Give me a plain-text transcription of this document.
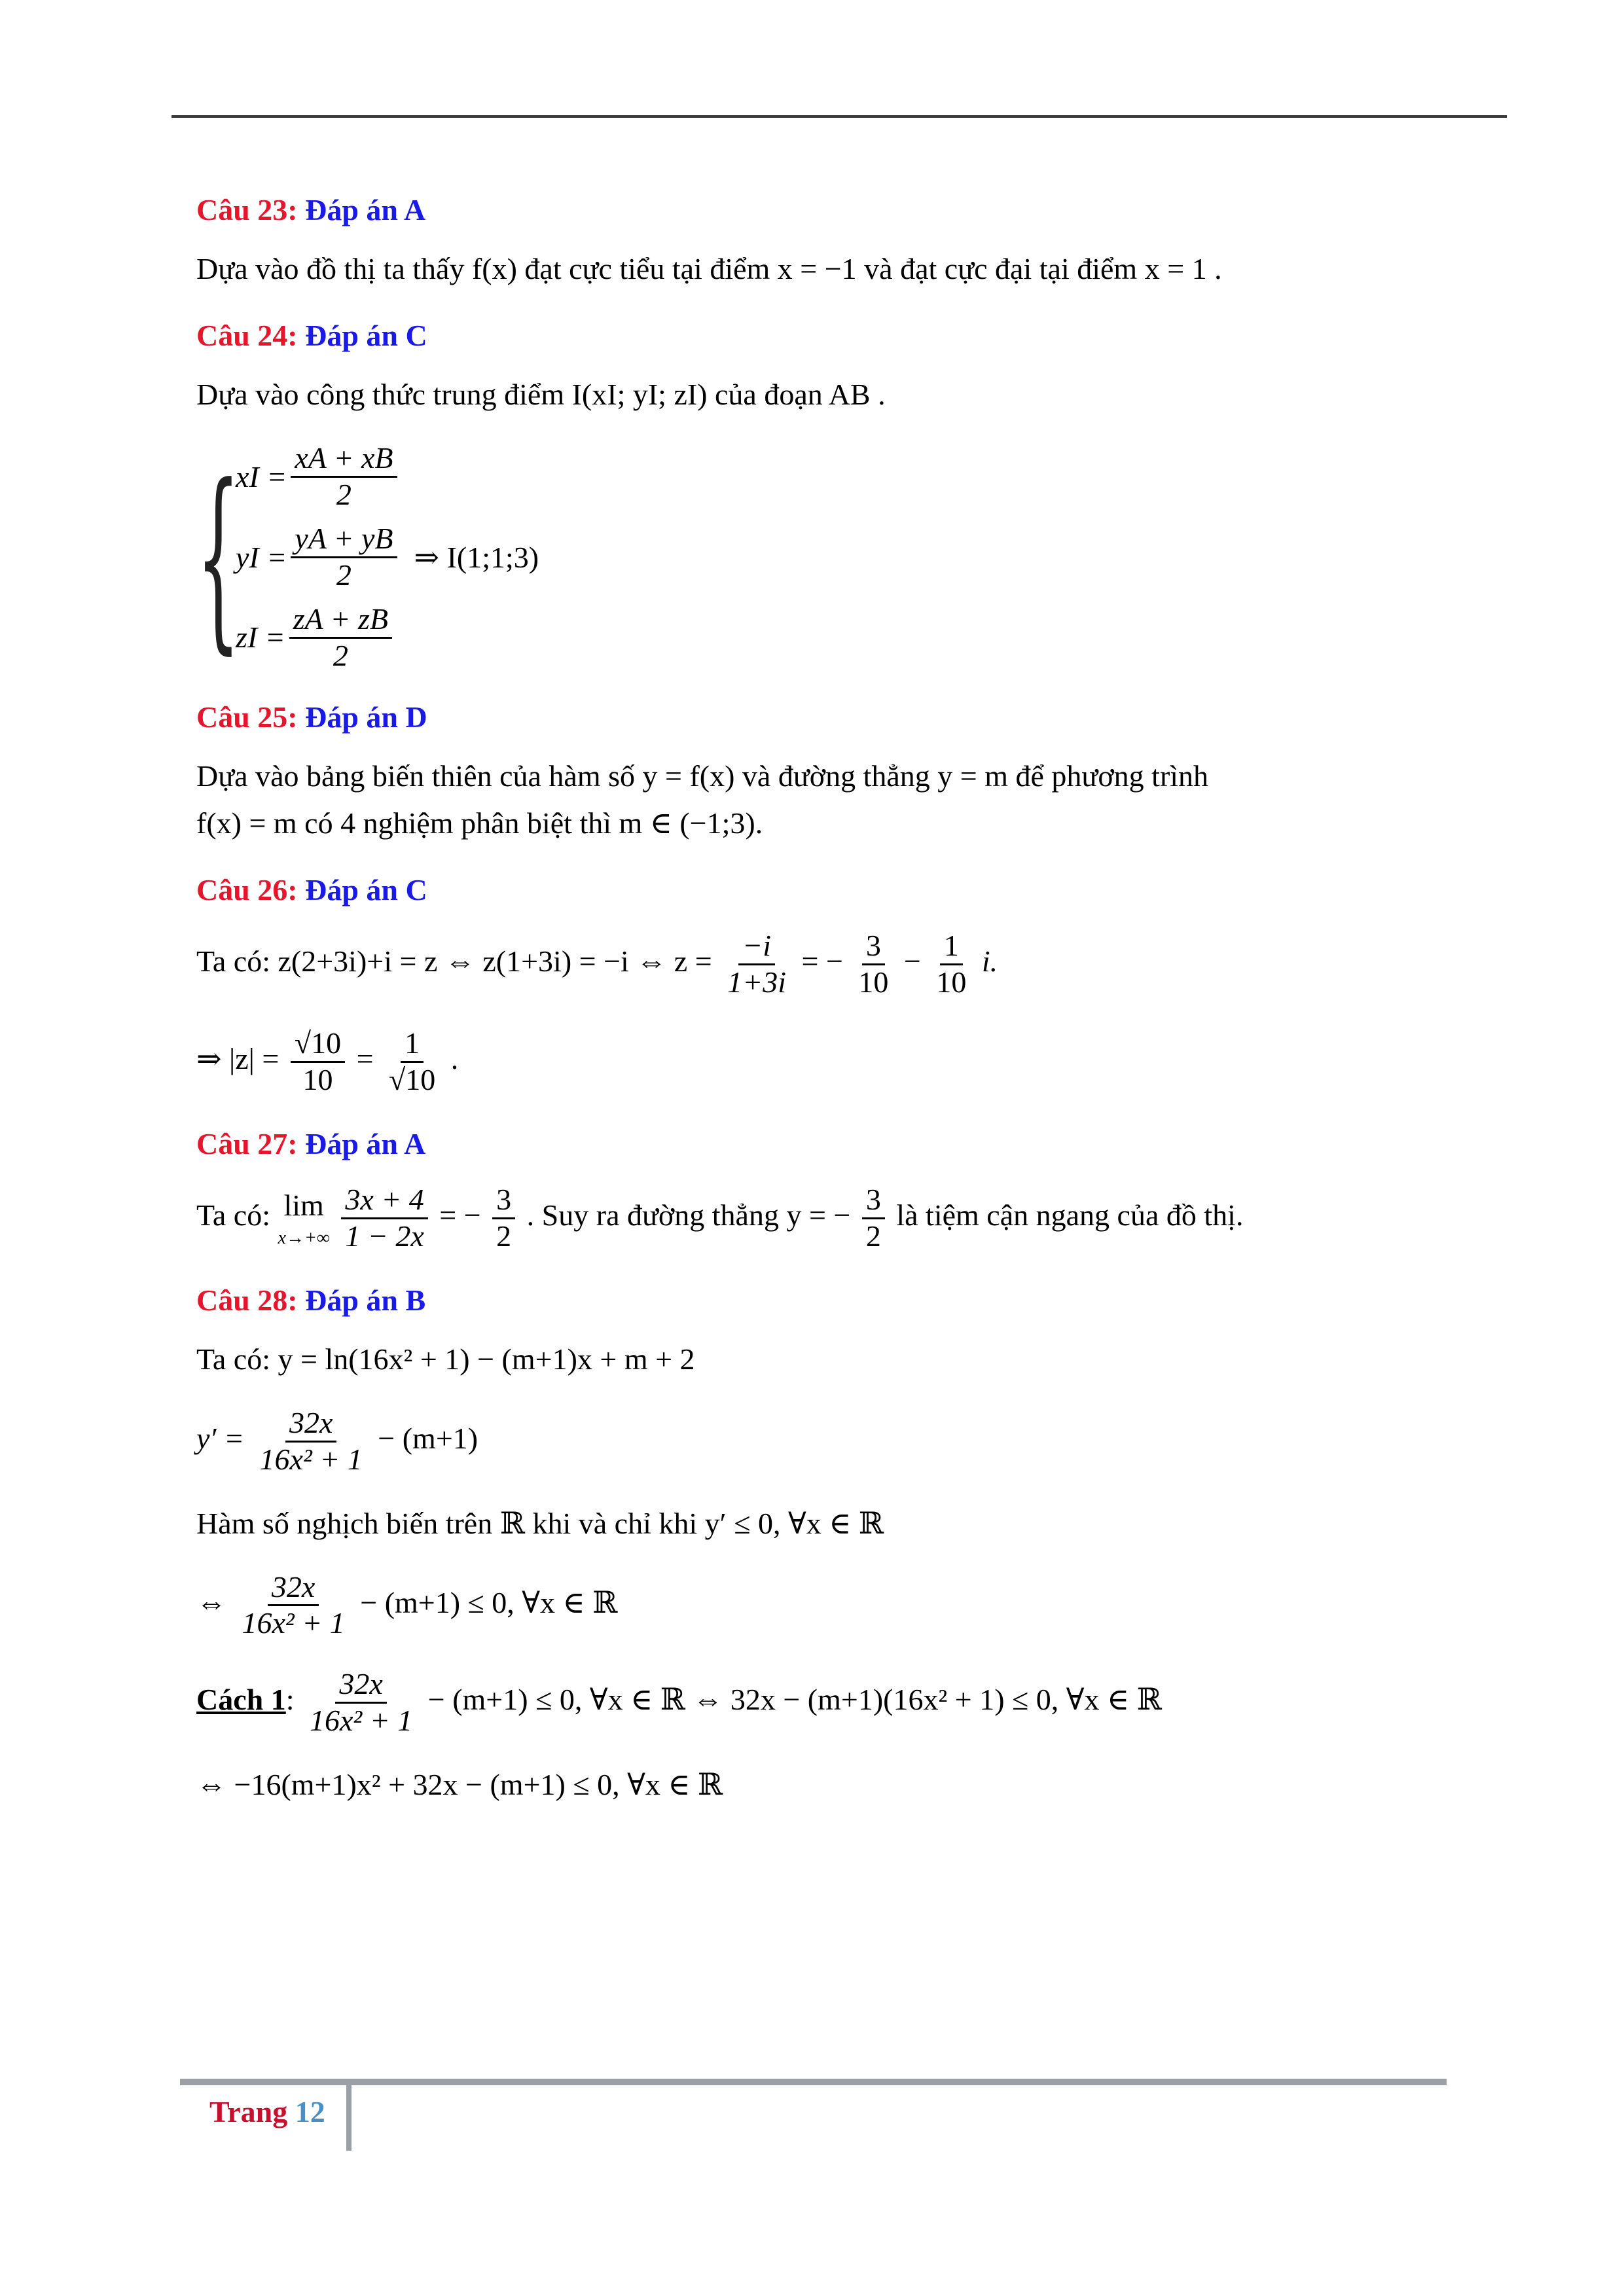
Câu 23: Đáp án A
Dựa vào đồ thị ta thấy f(x) đạt cực tiểu tại điểm x = −1 và đạt cực đại tại điểm x = 1 .
Câu 24: Đáp án C
Dựa vào công thức trung điểm I(xI; yI; zI) của đoạn AB .
{
xI = $\frac{xA + xB}{2}$
yI = $\frac{yA + yB}{2}$ ⇒ I(1;1;3)
zI = $\frac{zA + zB}{2}$
Câu 25: Đáp án D
Dựa vào bảng biến thiên của hàm số y = f(x) và đường thẳng y = m để phương trình
f(x) = m có 4 nghiệm phân biệt thì m ∈ (−1;3).
Câu 26: Đáp án C
Ta có: z(2+3i)+i = z ⇔ z(1+3i) = −i ⇔ $z = \frac{-i}{1+3i}$ = − $\frac{3}{10} - \frac{1}{10} i$.
⇒ $|z| = \frac{√10}{10} = \frac{1}{√10}$ .
Câu 27: Đáp án A
Ta có: lim
x→+∞
$\frac{3x + 4}{1 - 2x}$ = − $\frac{3}{2}$ . Suy ra đường thẳng y = − $\frac{3}{2}$ là tiệm cận ngang của đồ thị.
Câu 28: Đáp án B
Ta có: y = ln(16x² + 1) − (m+1)x + m + 2
$y' = \frac{32x}{\text{16x² + 1}} - (m+1)$
Hàm số nghịch biến trên ℝ khi và chỉ khi y′ ≤ 0, ∀x ∈ ℝ
⇔ $\frac{32x}{\text{16x² + 1}} - (m+1) \le 0$, ∀x ∈ ℝ
Cách 1: $\frac{32x}{\text{16x² + 1}} - (m+1) \le 0$, ∀x ∈ ℝ ⇔ 32x − (m+1)(16x² + 1) ≤ 0, ∀x ∈ ℝ
⇔ −16(m+1)x² + 32x − (m+1) ≤ 0, ∀x ∈ ℝ
Trang 12
